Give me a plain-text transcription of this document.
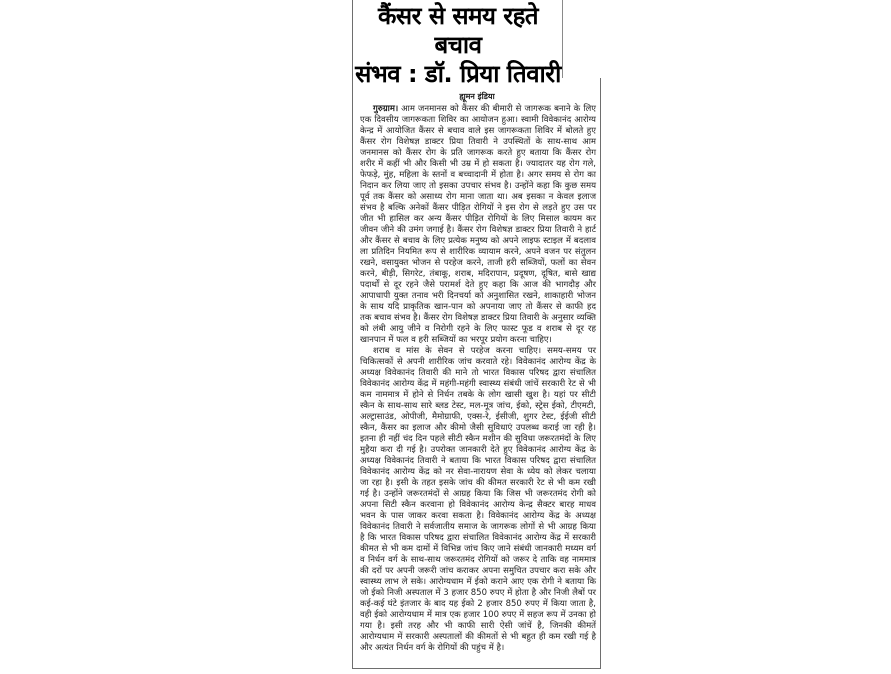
कैंसर से समय रहते बचाव
संभव : डॉ. प्रिया तिवारी
ह्यूमन इंडिया

गुरुग्राम। आम जनमानस को कैंसर की बीमारी से जागरूक बनाने के लिए एक दिवसीय जागरूकता शिविर का आयोजन हुआ। स्वामी विवेकानंद आरोग्य केन्द्र में आयोजित कैंसर से बचाव वाले इस जागरूकता शिविर में बोलते हुए कैंसर रोग विशेषज्ञ डाक्टर प्रिया तिवारी ने उपस्थितों के साथ-साथ आम जनमानस को कैंसर रोग के प्रति जागरूक करते हुए बताया कि कैंसर रोग शरीर में कहीं भी और किसी भी उम्र में हो सकता है। ज्यादातर यह रोग गले, फेफड़े, मुंह, महिला के स्तनों व बच्चादानी में होता है। अगर समय से रोग का निदान कर लिया जाए तो इसका उपचार संभव है। उन्होंने कहा कि कुछ समय पूर्व तक कैंसर को असाध्य रोग माना जाता था। अब इसका न केवल इलाज संभव है बल्कि अनेकों कैंसर पीड़ित रोगियों ने इस रोग से लड़ते हुए उस पर जीत भी हासिल कर अन्य कैंसर पीड़ित रोगियों के लिए मिसाल कायम कर जीवन जीने की उमंग जगाई है। कैंसर रोग विशेषज्ञ डाक्टर प्रिया तिवारी ने हार्ट और कैंसर से बचाव के लिए प्रत्येक मनुष्य को अपने लाइफ स्टाइल में बदलाव ला प्रतिदिन नियमित रूप से शारीरिक व्यायाम करने, अपने वजन पर संतुलन रखने, वसायुक्त भोजन से परहेज करने, ताजी हरी सब्जियों, फलों का सेवन करने, बीड़ी, सिगरेट, तंबाकू, शराब, मदिरापान, प्रदूषण, दूषित, बासे खाद्य पदार्थों से दूर रहने जैसे परामर्श देते हुए कहा कि आज की भागदौड़ और आपाधापी युक्त तनाव भरी दिनचर्या को अनुशासित रखने, शाकाहारी भोजन के साथ यदि प्राकृतिक खान-पान को अपनाया जाए तो कैंसर से काफी हद तक बचाव संभव है। कैंसर रोग विशेषज्ञ डाक्टर प्रिया तिवारी के अनुसार व्यक्ति को लंबी आयु जीने व निरोगी रहने के लिए फास्ट फूड व शराब से दूर रह खानपान में फल व हरी सब्जियों का भरपूर प्रयोग करना चाहिए।

शराब व मांस के सेवन से परहेज करना चाहिए। समय-समय पर चिकित्सकों से अपनी शारीरिक जांच करवाते रहे। विवेकानंद आरोग्य केंद्र के अध्यक्ष विवेकानंद तिवारी की माने तो भारत विकास परिषद द्वारा संचालित विवेकानंद आरोग्य केंद्र में महंगी-महंगी स्वास्थ्य संबंधी जांचें सरकारी रेट से भी कम नाममात्र में होने से निर्धन तबके के लोग खासी खुश है। यहां पर सीटी स्कैन के साथ-साथ सारे ब्लड टेस्ट, मल-मूत्र जांच, ईको, स्ट्रेस ईको, टीएमटी, अल्ट्रासाउंड, ओपीजी, मैमोग्राफी, एक्स-रे, ईसीजी, शुगर टेस्ट, ईईजी सीटी स्कैन, कैंसर का इलाज और कीमो जैसी सुविधाएं उपलब्ध कराई जा रही है। इतना ही नहीं चंद दिन पहले सीटी स्कैन मशीन की सुविधा जरूरतमंदों के लिए मुहैया करा दी गई है। उपरोक्त जानकारी देते हुए विवेकानंद आरोग्य केंद्र के अध्यक्ष विवेकानंद तिवारी ने बताया कि भारत विकास परिषद द्वारा संचालित विवेकानंद आरोग्य केंद्र को नर सेवा-नारायण सेवा के ध्येय को लेकर चलाया जा रहा है। इसी के तहत इसके जांच की कीमत सरकारी रेट से भी कम रखी गई है। उन्होंने जरूरतमंदों से आग्रह किया कि जिस भी जरूरतमंद रोगी को अपना सिटी स्कैन करवाना हो विवेकानंद आरोग्य केन्द्र सैक्टर बारह माधव भवन के पास जाकर करवा सकता है। विवेकानंद आरोग्य केंद्र के अध्यक्ष विवेकानंद तिवारी ने सर्वजातीय समाज के जागरूक लोगों से भी आग्रह किया है कि भारत विकास परिषद द्वारा संचालित विवेकानंद आरोग्य केंद्र में सरकारी कीमत से भी कम दामों में विभिन्न जांच किए जाने संबंधी जानकारी मध्यम वर्ग व निर्धन वर्ग के साथ-साथ जरूरतमंद रोगियों को जरूर दे ताकि वह नाममात्र की दरों पर अपनी जरूरी जांच कराकर अपना समुचित उपचार करा सके और स्वास्थ्य लाभ ले सके। आरोग्यधाम में ईको कराने आए एक रोगी ने बताया कि जो ईको निजी अस्पताल में 3 हजार 850 रुपए में होता है और निजी लैबों पर कई-कई घंटे इंतजार के बाद यह ईको 2 हजार 850 रुपए में किया जाता है, वही ईको आरोग्यधाम में मात्र एक हजार 100 रुपए में सहज रूप में उनका हो गया है। इसी तरह और भी काफी सारी ऐसी जांचें है, जिनकी कीमतें आरोग्यधाम में सरकारी अस्पतालों की कीमतों से भी बहुत ही कम रखी गई है और अत्यंत निर्धन वर्ग के रोगियों की पहुंच में है।
